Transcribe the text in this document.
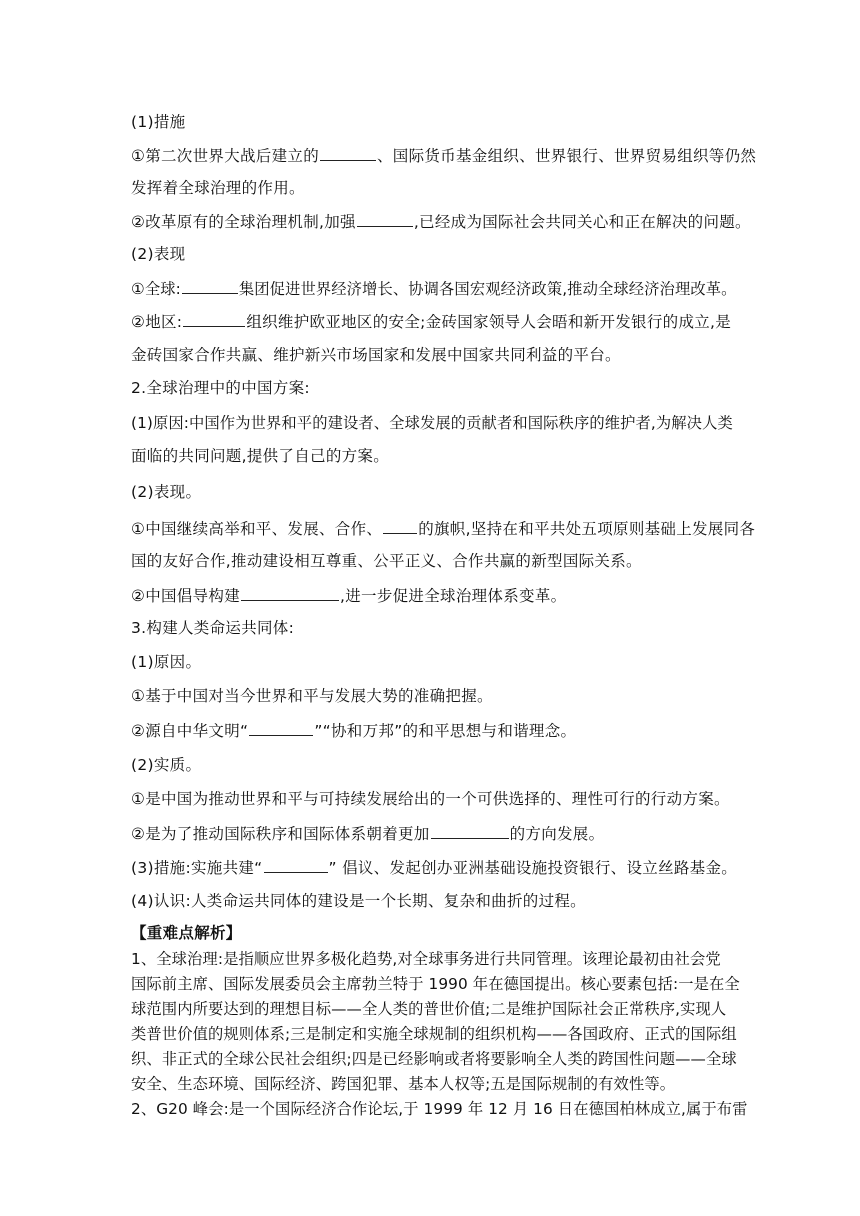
(1)措施
①第二次世界大战后建立的	、国际货币基金组织、世界银行、世界贸易组织等仍然
发挥着全球治理的作用。
②改革原有的全球治理机制,加强	,已经成为国际社会共同关心和正在解决的问题。
(2)表现
①全球:	集团促进世界经济增长、协调各国宏观经济政策,推动全球经济治理改革。
②地区:	组织维护欧亚地区的安全;金砖国家领导人会晤和新开发银行的成立,是
金砖国家合作共赢、维护新兴市场国家和发展中国家共同利益的平台。
2.全球治理中的中国方案:
(1)原因:中国作为世界和平的建设者、全球发展的贡献者和国际秩序的维护者,为解决人类
面临的共同问题,提供了自己的方案。
(2)表现。
①中国继续高举和平、发展、合作、 的旗帜,坚持在和平共处五项原则基础上发展同各
国的友好合作,推动建设相互尊重、公平正义、合作共赢的新型国际关系。
②中国倡导构建	,进一步促进全球治理体系变革。
3.构建人类命运共同体:
(1)原因。
①基于中国对当今世界和平与发展大势的准确把握。
②源自中华文明“	”“协和万邦”的和平思想与和谐理念。
(2)实质。
①是中国为推动世界和平与可持续发展给出的一个可供选择的、理性可行的行动方案。
②是为了推动国际秩序和国际体系朝着更加	的方向发展。
(3)措施:实施共建“	” 倡议、发起创办亚洲基础设施投资银行、设立丝路基金。
(4)认识:人类命运共同体的建设是一个长期、复杂和曲折的过程。
【重难点解析】
1、全球治理:是指顺应世界多极化趋势,对全球事务进行共同管理。该理论最初由社会党
国际前主席、国际发展委员会主席勃兰特于 1990 年在德国提出。核心要素包括:一是在全
球范围内所要达到的理想目标——全人类的普世价值;二是维护国际社会正常秩序,实现人
类普世价值的规则体系;三是制定和实施全球规制的组织机构——各国政府、正式的国际组
织、非正式的全球公民社会组织;四是已经影响或者将要影响全人类的跨国性问题——全球
安全、生态环境、国际经济、跨国犯罪、基本人权等;五是国际规制的有效性等。
2、G20 峰会:是一个国际经济合作论坛,于 1999 年 12 月 16 日在德国柏林成立,属于布雷
